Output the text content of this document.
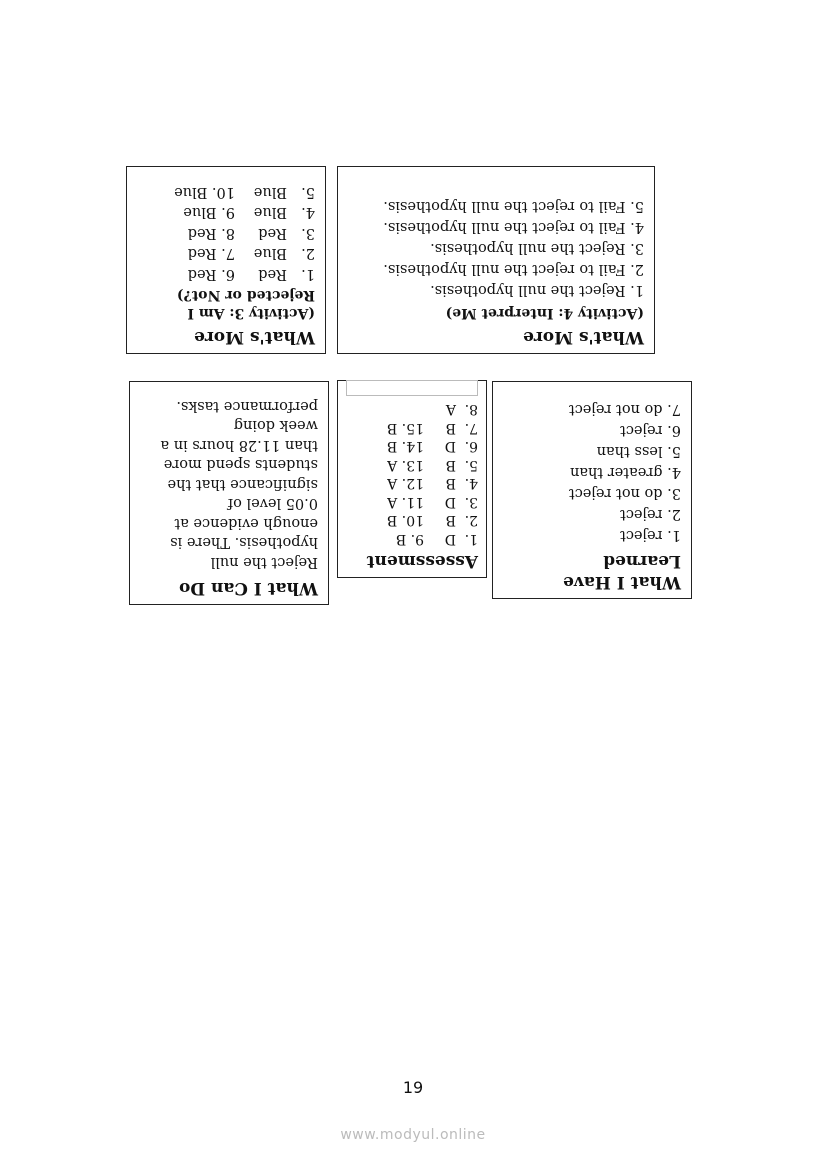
What's More
(Activity 3: Am I
Rejected or Not?)
1.
Red
6. Red
2.
Blue
7. Red
3.
Red
8. Red
4.
Blue
9. Blue
5.
Blue
10. Blue
What's More
(Activity 4: Interpret Me)
1. Reject the null hypothesis.
2. Fail to reject the null hypothesis.
3. Reject the null hypothesis.
4. Fail to reject the null hypothesis.
5. Fail to reject the null hypothesis.
What I Can Do
Reject the null
hypothesis. There is
enough evidence at
0.05 level of
significance that the
students spend more
than 11.28 hours in a
week doing
performance tasks.
Assessment
1.
D
9. B
2.
B
10. B
3.
D
11. A
4.
B
12. A
5.
B
13. A
6.
D
14. B
7.
B
15. B
8.
A
What I Have
Learned
1. reject
2. reject
3. do not reject
4. greater than
5. less than
6. reject
7. do not reject
19
www.modyul.online
